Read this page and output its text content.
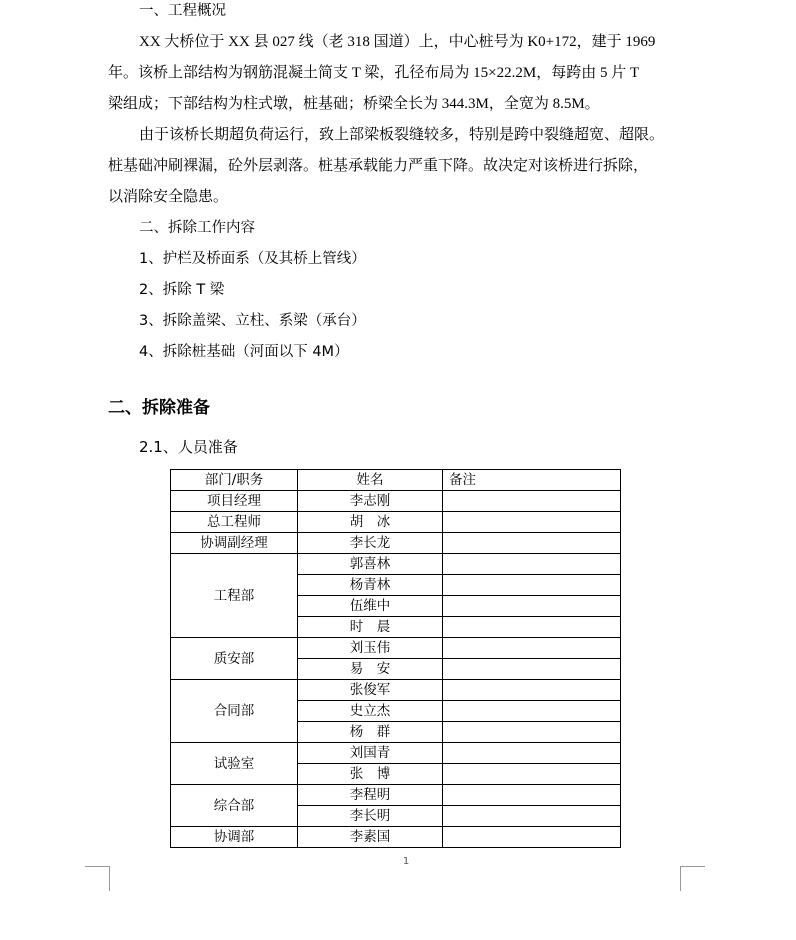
一、工程概况
XX 大桥位于 XX 县 027 线（老 318 国道）上，中心桩号为 K0+172，建于 1969
年。该桥上部结构为钢筋混凝土简支 T 梁，孔径布局为 15×22.2M，每跨由 5 片 T
梁组成；下部结构为柱式墩，桩基础；桥梁全长为 344.3M，全宽为 8.5M。
由于该桥长期超负荷运行，致上部梁板裂缝较多，特别是跨中裂缝超宽、超限。
桩基础冲刷裸漏，砼外层剥落。桩基承载能力严重下降。故决定对该桥进行拆除，
以消除安全隐患。
二、拆除工作内容
1、护栏及桥面系（及其桥上管线）
2、拆除 T 梁
3、拆除盖梁、立柱、系梁（承台）
4、拆除桩基础（河面以下 4M）
二、拆除准备
2.1、人员准备
部门/职务	姓名	备注
项目经理	李志刚	
总工程师	胡　冰	
协调副经理	李长龙	
工程部	郭喜林	
	杨青林	
	伍维中	
	时　晨	
质安部	刘玉伟	
	易　安	
合同部	张俊军	
	史立杰	
	杨　群	
试验室	刘国青	
	张　博	
综合部	李程明	
	李长明	
协调部	李素国	
1
